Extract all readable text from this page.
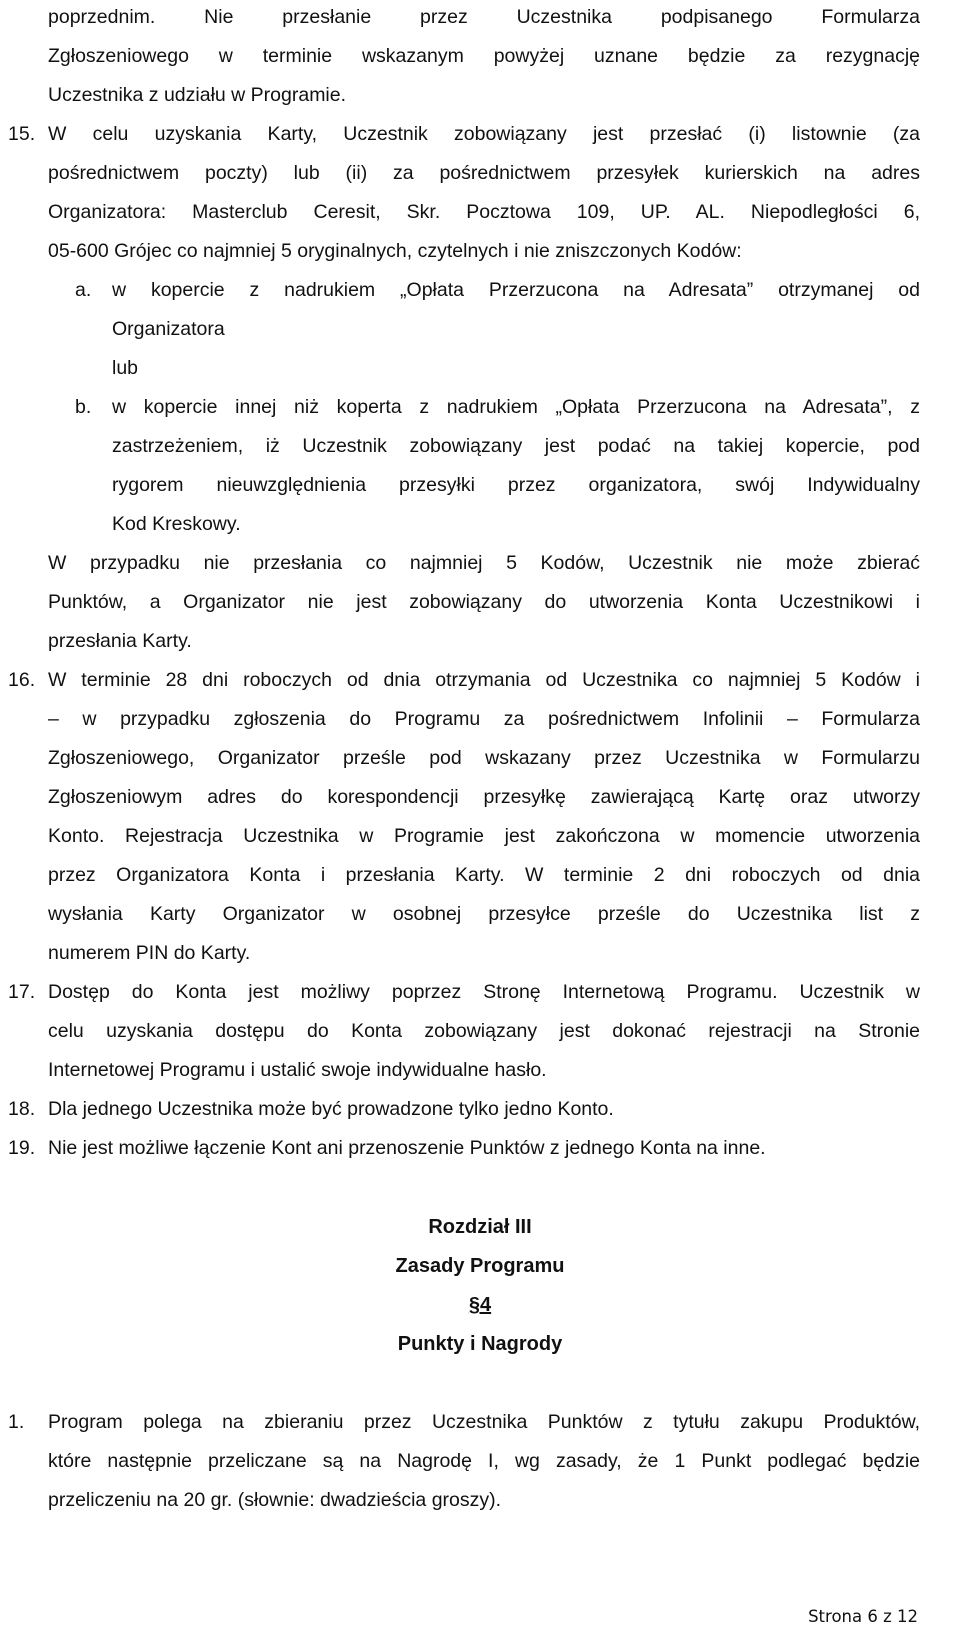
poprzednim. Nie przesłanie przez Uczestnika podpisanego Formularza
Zgłoszeniowego w terminie wskazanym powyżej uznane będzie za rezygnację
Uczestnika z udziału w Programie.
15. W celu uzyskania Karty, Uczestnik zobowiązany jest przesłać (i) listownie (za
pośrednictwem poczty) lub (ii) za pośrednictwem przesyłek kurierskich na adres
Organizatora: Masterclub Ceresit, Skr. Pocztowa 109, UP. AL. Niepodległości 6,
05-600 Grójec co najmniej 5 oryginalnych, czytelnych i nie zniszczonych Kodów:
a. w kopercie z nadrukiem „Opłata Przerzucona na Adresata” otrzymanej od
Organizatora
lub
b. w kopercie innej niż koperta z nadrukiem „Opłata Przerzucona na Adresata”, z
zastrzeżeniem, iż Uczestnik zobowiązany jest podać na takiej kopercie, pod
rygorem nieuwzględnienia przesyłki przez organizatora, swój Indywidualny
Kod Kreskowy.
W przypadku nie przesłania co najmniej 5 Kodów, Uczestnik nie może zbierać
Punktów, a Organizator nie jest zobowiązany do utworzenia Konta Uczestnikowi i
przesłania Karty.
16. W terminie 28 dni roboczych od dnia otrzymania od Uczestnika co najmniej 5 Kodów i
– w przypadku zgłoszenia do Programu za pośrednictwem Infolinii – Formularza
Zgłoszeniowego, Organizator prześle pod wskazany przez Uczestnika w Formularzu
Zgłoszeniowym adres do korespondencji przesyłkę zawierającą Kartę oraz utworzy
Konto. Rejestracja Uczestnika w Programie jest zakończona w momencie utworzenia
przez Organizatora Konta i przesłania Karty. W terminie 2 dni roboczych od dnia
wysłania Karty Organizator w osobnej przesyłce prześle do Uczestnika list z
numerem PIN do Karty.
17. Dostęp do Konta jest możliwy poprzez Stronę Internetową Programu. Uczestnik w
celu uzyskania dostępu do Konta zobowiązany jest dokonać rejestracji na Stronie
Internetowej Programu i ustalić swoje indywidualne hasło.
18. Dla jednego Uczestnika może być prowadzone tylko jedno Konto.
19. Nie jest możliwe łączenie Kont ani przenoszenie Punktów z jednego Konta na inne.
Rozdział III
Zasady Programu
§4
Punkty i Nagrody
1. Program polega na zbieraniu przez Uczestnika Punktów z tytułu zakupu Produktów,
które następnie przeliczane są na Nagrodę I, wg zasady, że 1 Punkt podlegać będzie
przeliczeniu na 20 gr. (słownie: dwadzieścia groszy).
Strona 6 z 12
